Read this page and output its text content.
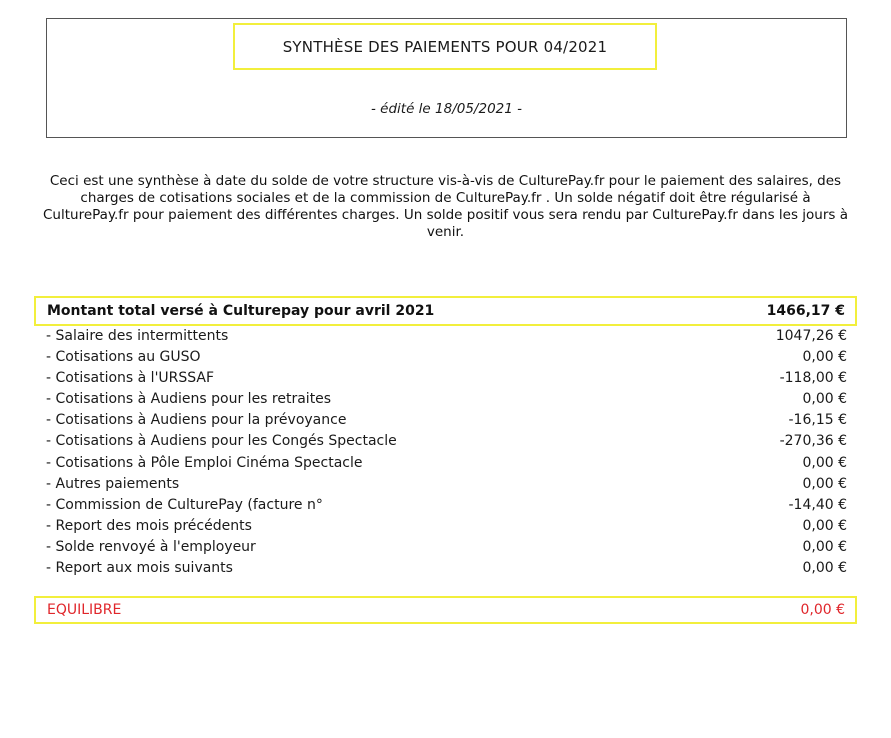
SYNTHÈSE DES PAIEMENTS POUR 04/2021
- édité le 18/05/2021 -
Ceci est une synthèse à date du solde de votre structure vis-à-vis de CulturePay.fr pour le paiement des salaires, des charges de cotisations sociales et de la commission de CulturePay.fr . Un solde négatif doit être régularisé à CulturePay.fr pour paiement des différentes charges. Un solde positif vous sera rendu par CulturePay.fr dans les jours à venir.
Montant total versé à Culturepay pour avril 2021	1466,17 €
- Salaire des intermittents	1047,26 €
- Cotisations au GUSO	0,00 €
- Cotisations à l'URSSAF	-118,00 €
- Cotisations à Audiens pour les retraites	0,00 €
- Cotisations à Audiens pour la prévoyance	-16,15 €
- Cotisations à Audiens pour les Congés Spectacle	-270,36 €
- Cotisations à Pôle Emploi Cinéma Spectacle	0,00 €
- Autres paiements	0,00 €
- Commission de CulturePay (facture n°	-14,40 €
- Report des mois précédents	0,00 €
- Solde renvoyé à l'employeur	0,00 €
- Report aux mois suivants	0,00 €
EQUILIBRE	0,00 €
